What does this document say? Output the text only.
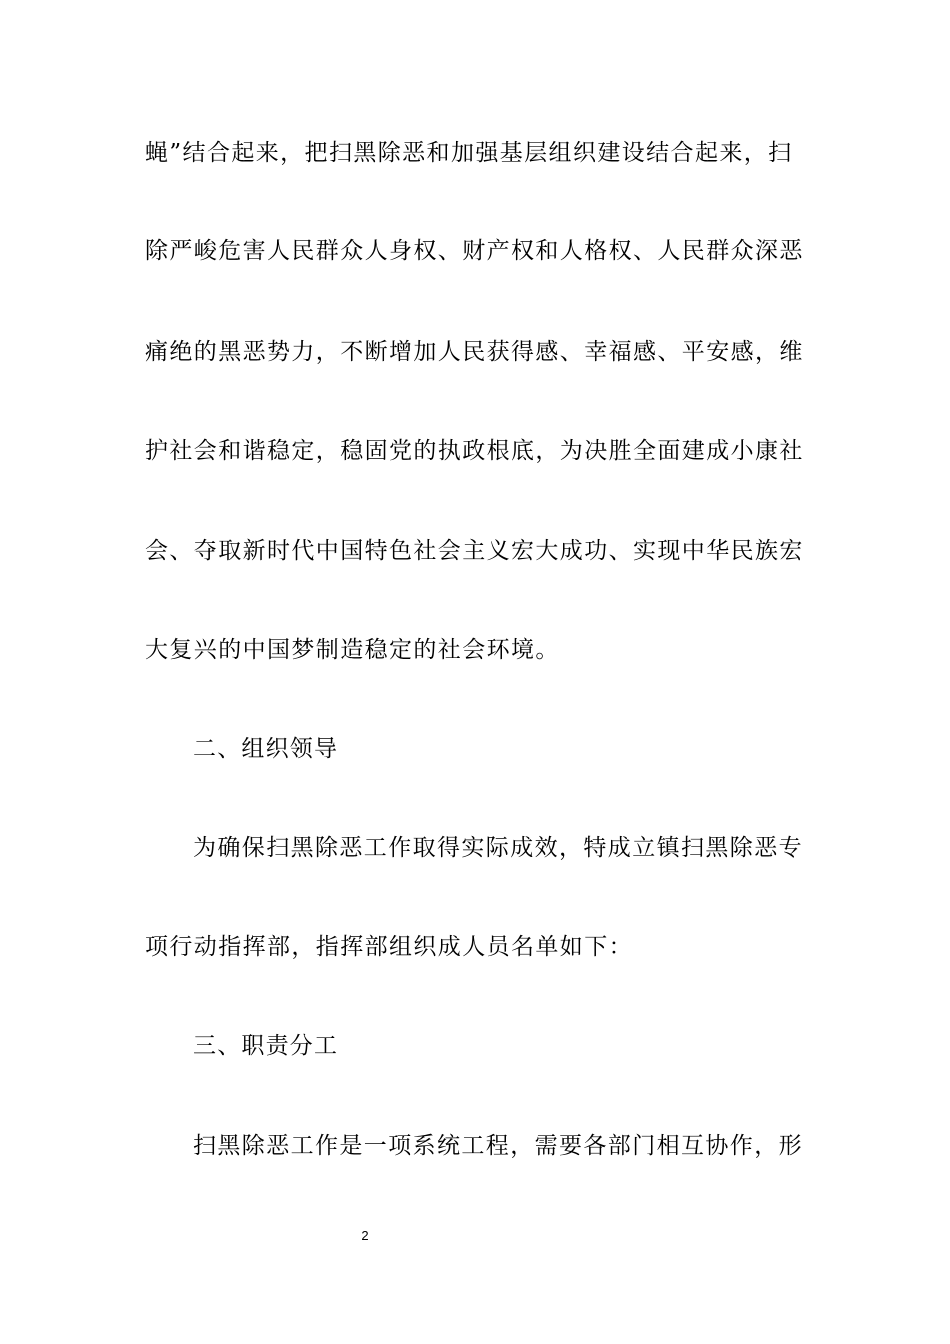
蝇”结合起来，把扫黑除恶和加强基层组织建设结合起来，扫
除严峻危害人民群众人身权、财产权和人格权、人民群众深恶
痛绝的黑恶势力，不断增加人民获得感、幸福感、平安感，维
护社会和谐稳定，稳固党的执政根底，为决胜全面建成小康社
会、夺取新时代中国特色社会主义宏大成功、实现中华民族宏
大复兴的中国梦制造稳定的社会环境。
二、组织领导
为确保扫黑除恶工作取得实际成效，特成立镇扫黑除恶专
项行动指挥部，指挥部组织成人员名单如下：
三、职责分工
扫黑除恶工作是一项系统工程，需要各部门相互协作，形
2
